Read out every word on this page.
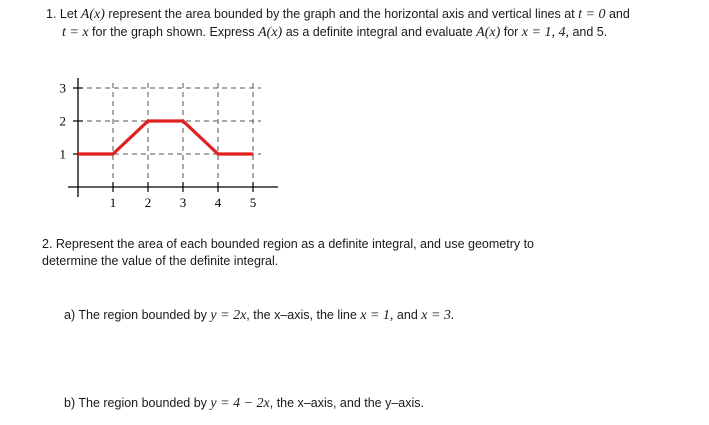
1. Let A(x) represent the area bounded by the graph and the horizontal axis and vertical lines at t = 0 and
t = x for the graph shown. Express A(x) as a definite integral and evaluate A(x) for x = 1, 4, and 5.
1 2 3 4 5
1
2
3
2. Represent the area of each bounded region as a definite integral, and use geometry to
determine the value of the definite integral.
a) The region bounded by y = 2x, the x–axis, the line x = 1, and x = 3.
b) The region bounded by y = 4 − 2x, the x–axis, and the y–axis.
